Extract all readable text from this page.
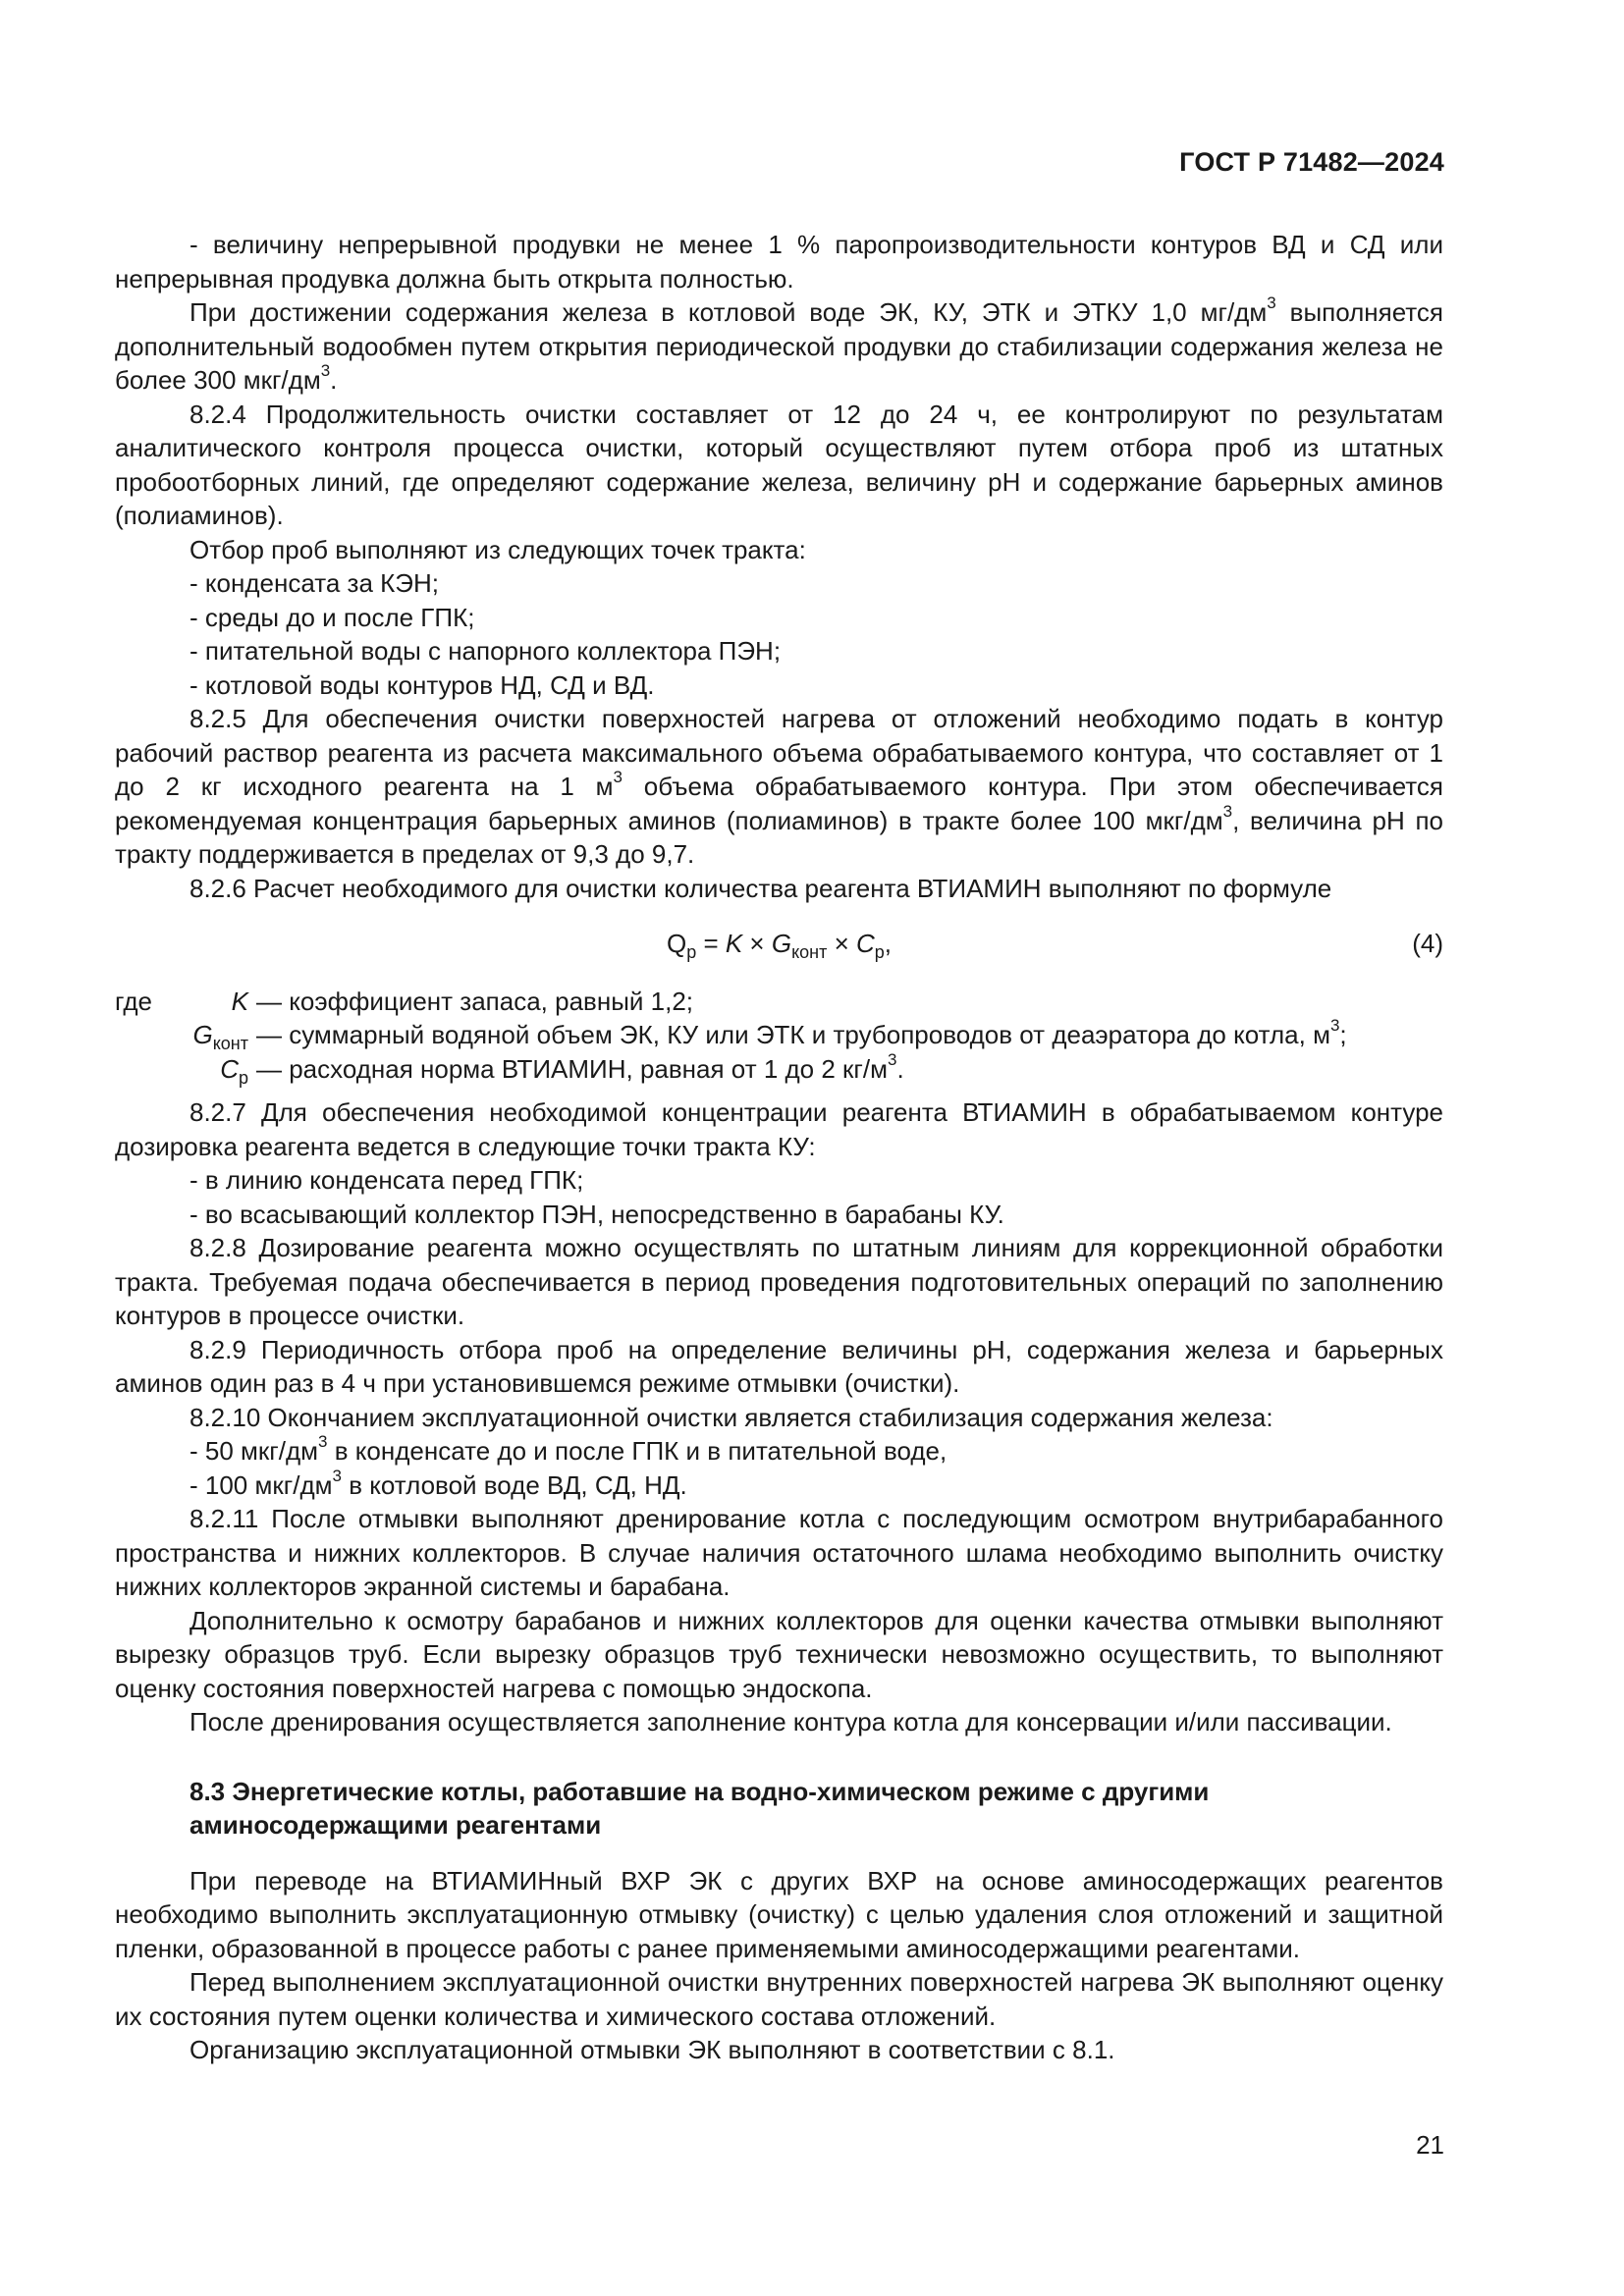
ГОСТ Р 71482—2024

- величину непрерывной продувки не менее 1 % паропроизводительности контуров ВД и СД или непрерывная продувка должна быть открыта полностью.

При достижении содержания железа в котловой воде ЭК, КУ, ЭТК и ЭТКУ 1,0 $мг/дм^3$ выполняется дополнительный водообмен путем открытия периодической продувки до стабилизации содержания железа не более 300 мкг/$дм^3$.

8.2.4 Продолжительность очистки составляет от 12 до 24 ч, ее контролируют по результатам аналитического контроля процесса очистки, который осуществляют путем отбора проб из штатных пробоотборных линий, где определяют содержание железа, величину pH и содержание барьерных аминов (полиаминов).

Отбор проб выполняют из следующих точек тракта:

- конденсата за КЭН;

- среды до и после ГПК;

- питательной воды с напорного коллектора ПЭН;

- котловой воды контуров НД, СД и ВД.

8.2.5 Для обеспечения очистки поверхностей нагрева от отложений необходимо подать в контур рабочий раствор реагента из расчета максимального объема обрабатываемого контура, что составляет от 1 до 2 кг исходного реагента на 1 $м^3$ объема обрабатываемого контура. При этом обеспечивается рекомендуемая концентрация барьерных аминов (полиаминов) в тракте более 100 мкг/$дм^3$, величина pH по тракту поддерживается в пределах от 9,3 до 9,7.

8.2.6 Расчет необходимого для очистки количества реагента ВТИАМИН выполняют по формуле

$Q_р = K \times G_{конт} \times C_р$,	(4)
где	K — коэффициент запаса, равный 1,2;
$G_{конт}$ — суммарный водяной объем ЭК, КУ или ЭТК и трубопроводов от деаэратора до котла, $м^3$;
$C_р$ — расходная норма ВТИАМИН, равная от 1 до 2 $кг/м^3$.

8.2.7 Для обеспечения необходимой концентрации реагента ВТИАМИН в обрабатываемом контуре дозировка реагента ведется в следующие точки тракта КУ:

- в линию конденсата перед ГПК;

- во всасывающий коллектор ПЭН, непосредственно в барабаны КУ.

8.2.8 Дозирование реагента можно осуществлять по штатным линиям для коррекционной обработки тракта. Требуемая подача обеспечивается в период проведения подготовительных операций по заполнению контуров в процессе очистки.

8.2.9 Периодичность отбора проб на определение величины pH, содержания железа и барьерных аминов один раз в 4 ч при установившемся режиме отмывки (очистки).

8.2.10 Окончанием эксплуатационной очистки является стабилизация содержания железа:

- 50 мкг/$дм^3$ в конденсате до и после ГПК и в питательной воде,

- 100 мкг/$дм^3$ в котловой воде ВД, СД, НД.

8.2.11 После отмывки выполняют дренирование котла с последующим осмотром внутрибарабанного пространства и нижних коллекторов. В случае наличия остаточного шлама необходимо выполнить очистку нижних коллекторов экранной системы и барабана.

Дополнительно к осмотру барабанов и нижних коллекторов для оценки качества отмывки выполняют вырезку образцов труб. Если вырезку образцов труб технически невозможно осуществить, то выполняют оценку состояния поверхностей нагрева с помощью эндоскопа.

После дренирования осуществляется заполнение контура котла для консервации и/или пассивации.

8.3 Энергетические котлы, работавшие на водно-химическом режиме с другими аминосодержащими реагентами

При переводе на ВТИАМИНный ВХР ЭК с других ВХР на основе аминосодержащих реагентов необходимо выполнить эксплуатационную отмывку (очистку) с целью удаления слоя отложений и защитной пленки, образованной в процессе работы с ранее применяемыми аминосодержащими реагентами.

Перед выполнением эксплуатационной очистки внутренних поверхностей нагрева ЭК выполняют оценку их состояния путем оценки количества и химического состава отложений.

Организацию эксплуатационной отмывки ЭК выполняют в соответствии с 8.1.

21
